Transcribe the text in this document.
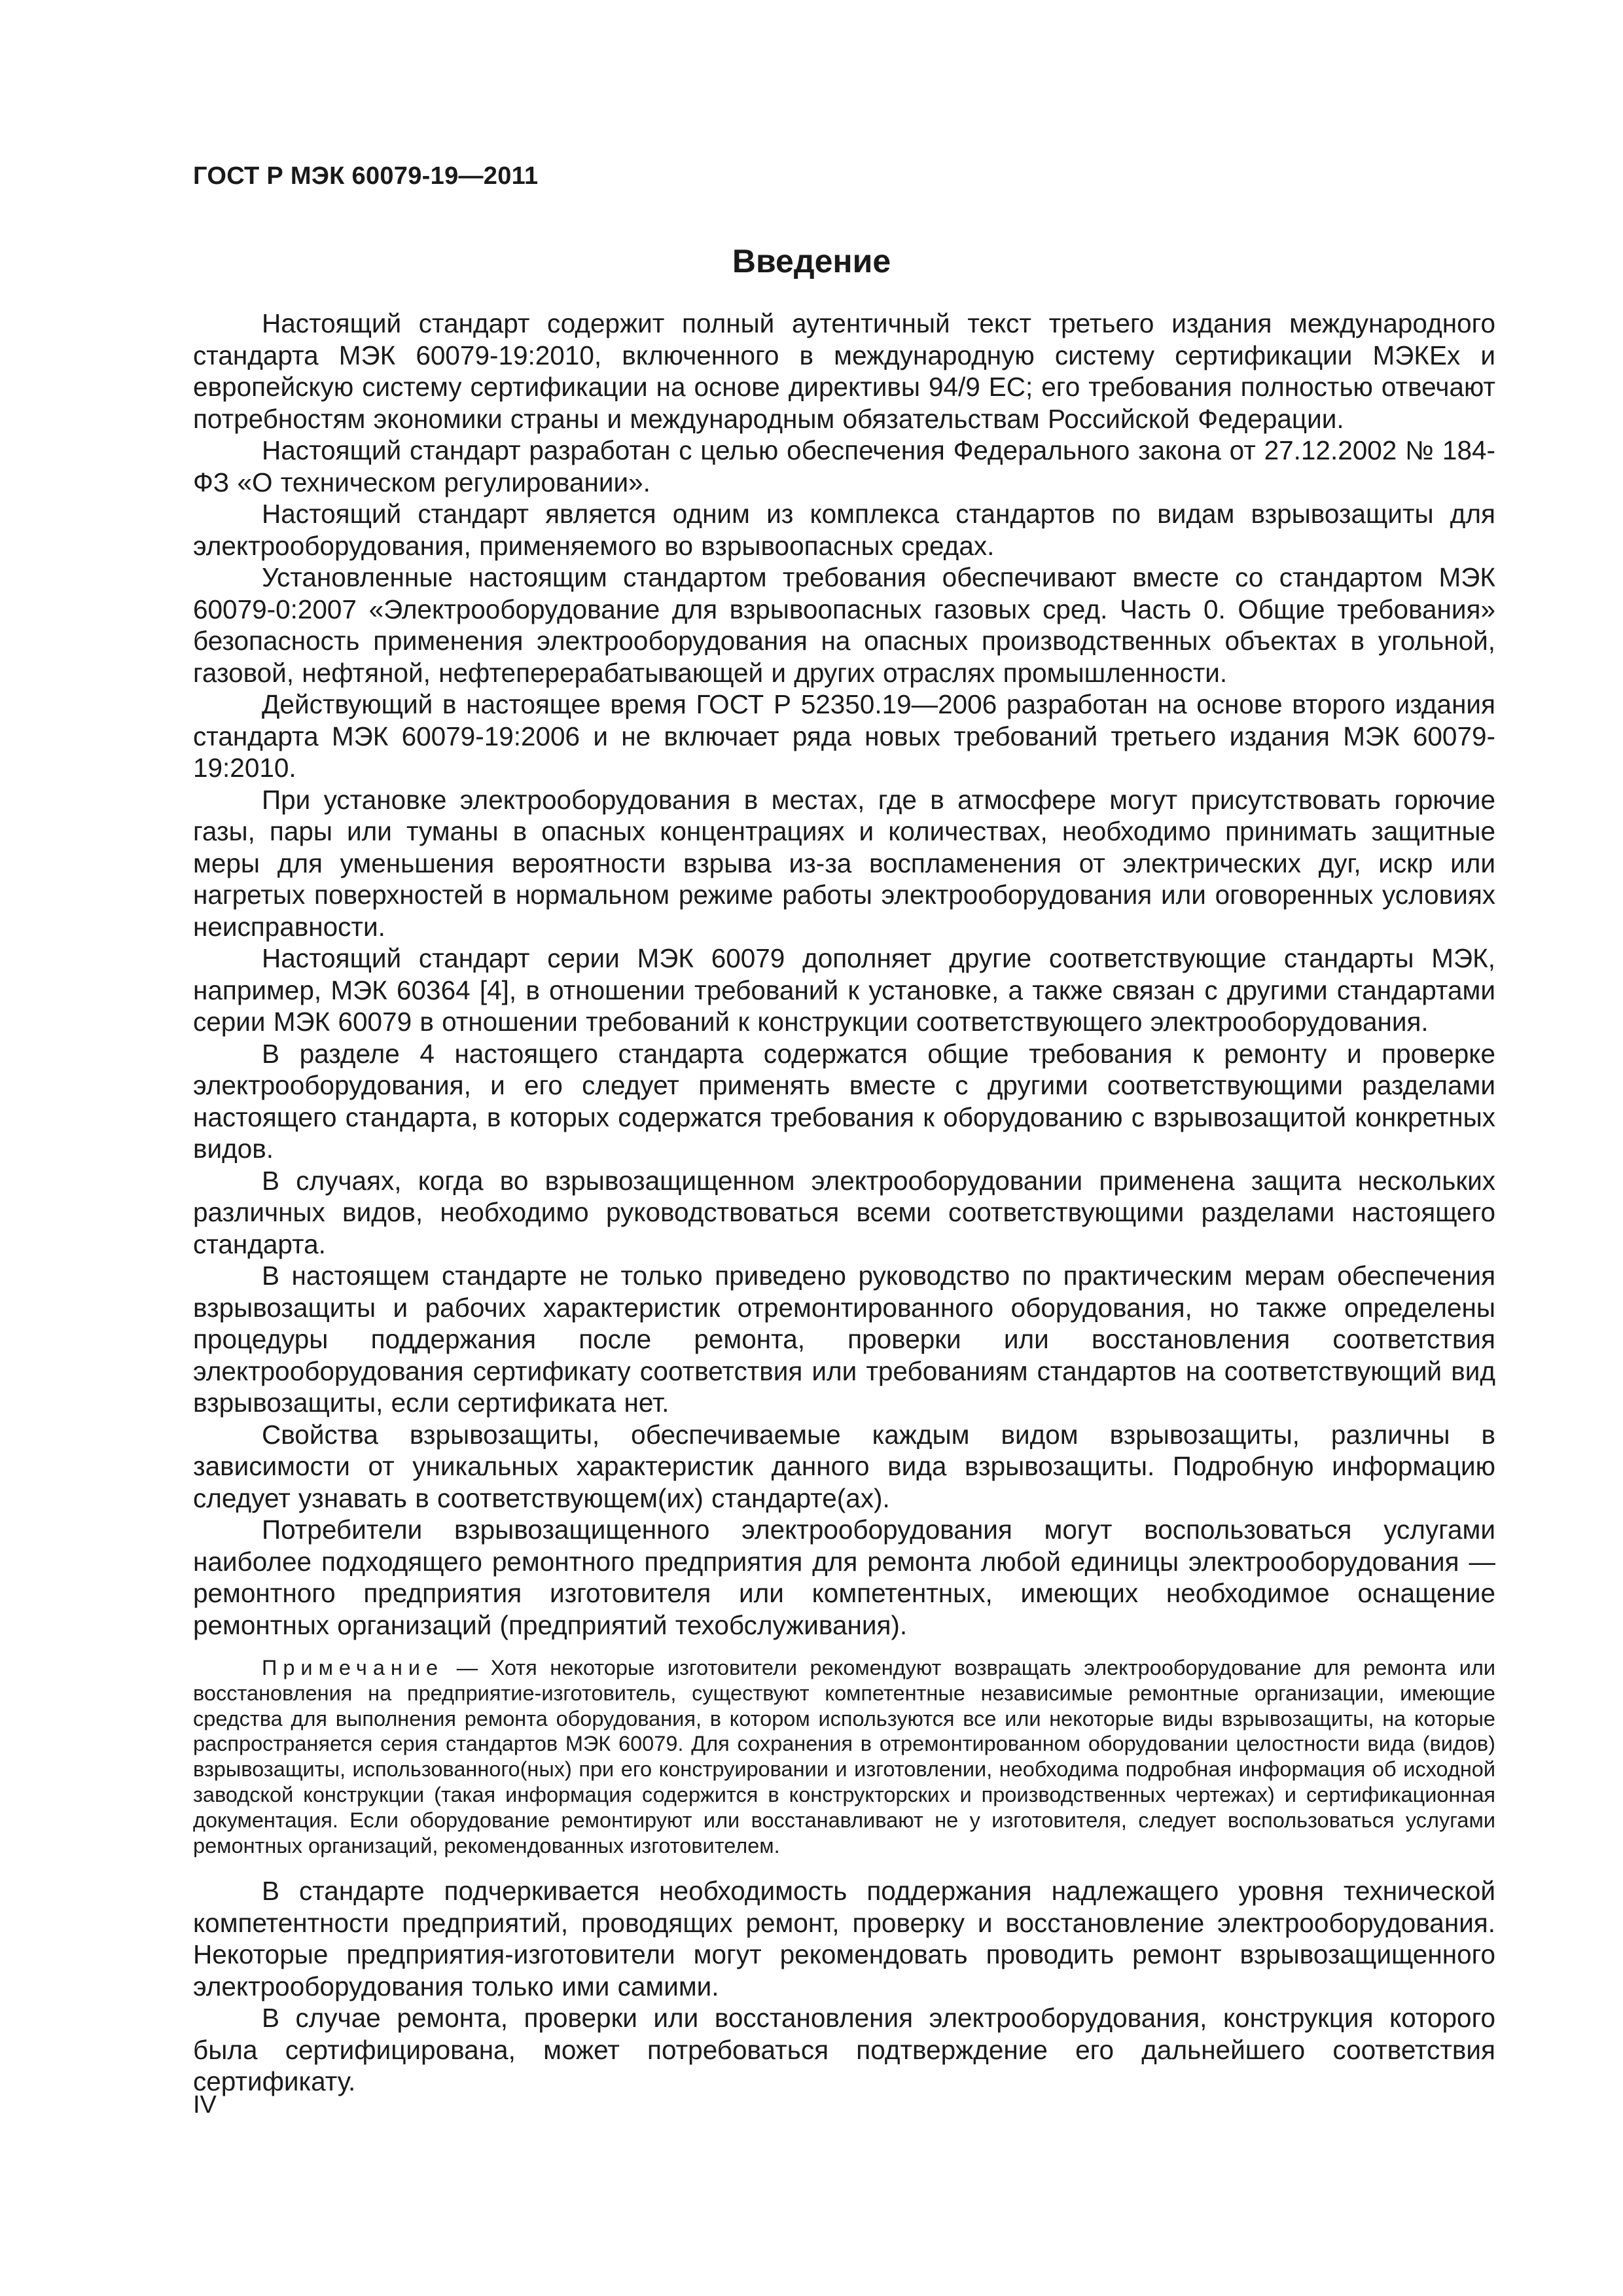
ГОСТ Р МЭК 60079-19—2011
Введение

Настоящий стандарт содержит полный аутентичный текст третьего издания международного стандарта МЭК 60079-19:2010, включенного в международную систему сертификации МЭКEx и европейскую систему сертификации на основе директивы 94/9 ЕС; его требования полностью отвечают потребностям экономики страны и международным обязательствам Российской Федерации.

Настоящий стандарт разработан с целью обеспечения Федерального закона от 27.12.2002 № 184-ФЗ «О техническом регулировании».

Настоящий стандарт является одним из комплекса стандартов по видам взрывозащиты для электрооборудования, применяемого во взрывоопасных средах.

Установленные настоящим стандартом требования обеспечивают вместе со стандартом МЭК 60079-0:2007 «Электрооборудование для взрывоопасных газовых сред. Часть 0. Общие требования» безопасность применения электрооборудования на опасных производственных объектах в угольной, газовой, нефтяной, нефтеперерабатывающей и других отраслях промышленности.

Действующий в настоящее время ГОСТ Р 52350.19—2006 разработан на основе второго издания стандарта МЭК 60079-19:2006 и не включает ряда новых требований третьего издания МЭК 60079-19:2010.

При установке электрооборудования в местах, где в атмосфере могут присутствовать горючие газы, пары или туманы в опасных концентрациях и количествах, необходимо принимать защитные меры для уменьшения вероятности взрыва из-за воспламенения от электрических дуг, искр или нагретых поверхностей в нормальном режиме работы электрооборудования или оговоренных условиях неисправности.

Настоящий стандарт серии МЭК 60079 дополняет другие соответствующие стандарты МЭК, например, МЭК 60364 [4], в отношении требований к установке, а также связан с другими стандартами серии МЭК 60079 в отношении требований к конструкции соответствующего электрооборудования.

В разделе 4 настоящего стандарта содержатся общие требования к ремонту и проверке электрооборудования, и его следует применять вместе с другими соответствующими разделами настоящего стандарта, в которых содержатся требования к оборудованию с взрывозащитой конкретных видов.

В случаях, когда во взрывозащищенном электрооборудовании применена защита нескольких различных видов, необходимо руководствоваться всеми соответствующими разделами настоящего стандарта.

В настоящем стандарте не только приведено руководство по практическим мерам обеспечения взрывозащиты и рабочих характеристик отремонтированного оборудования, но также определены процедуры поддержания после ремонта, проверки или восстановления соответствия электрооборудования сертификату соответствия или требованиям стандартов на соответствующий вид взрывозащиты, если сертификата нет.

Свойства взрывозащиты, обеспечиваемые каждым видом взрывозащиты, различны в зависимости от уникальных характеристик данного вида взрывозащиты. Подробную информацию следует узнавать в соответствующем(их) стандарте(ах).

Потребители взрывозащищенного электрооборудования могут воспользоваться услугами наиболее подходящего ремонтного предприятия для ремонта любой единицы электрооборудования — ремонтного предприятия изготовителя или компетентных, имеющих необходимое оснащение ремонтных организаций (предприятий техобслуживания).

Примечание — Хотя некоторые изготовители рекомендуют возвращать электрооборудование для ремонта или восстановления на предприятие-изготовитель, существуют компетентные независимые ремонтные организации, имеющие средства для выполнения ремонта оборудования, в котором используются все или некоторые виды взрывозащиты, на которые распространяется серия стандартов МЭК 60079. Для сохранения в отремонтированном оборудовании целостности вида (видов) взрывозащиты, использованного(ных) при его конструировании и изготовлении, необходима подробная информация об исходной заводской конструкции (такая информация содержится в конструкторских и производственных чертежах) и сертификационная документация. Если оборудование ремонтируют или восстанавливают не у изготовителя, следует воспользоваться услугами ремонтных организаций, рекомендованных изготовителем.

В стандарте подчеркивается необходимость поддержания надлежащего уровня технической компетентности предприятий, проводящих ремонт, проверку и восстановление электрооборудования. Некоторые предприятия-изготовители могут рекомендовать проводить ремонт взрывозащищенного электрооборудования только ими самими.

В случае ремонта, проверки или восстановления электрооборудования, конструкция которого была сертифицирована, может потребоваться подтверждение его дальнейшего соответствия сертификату.

IV
